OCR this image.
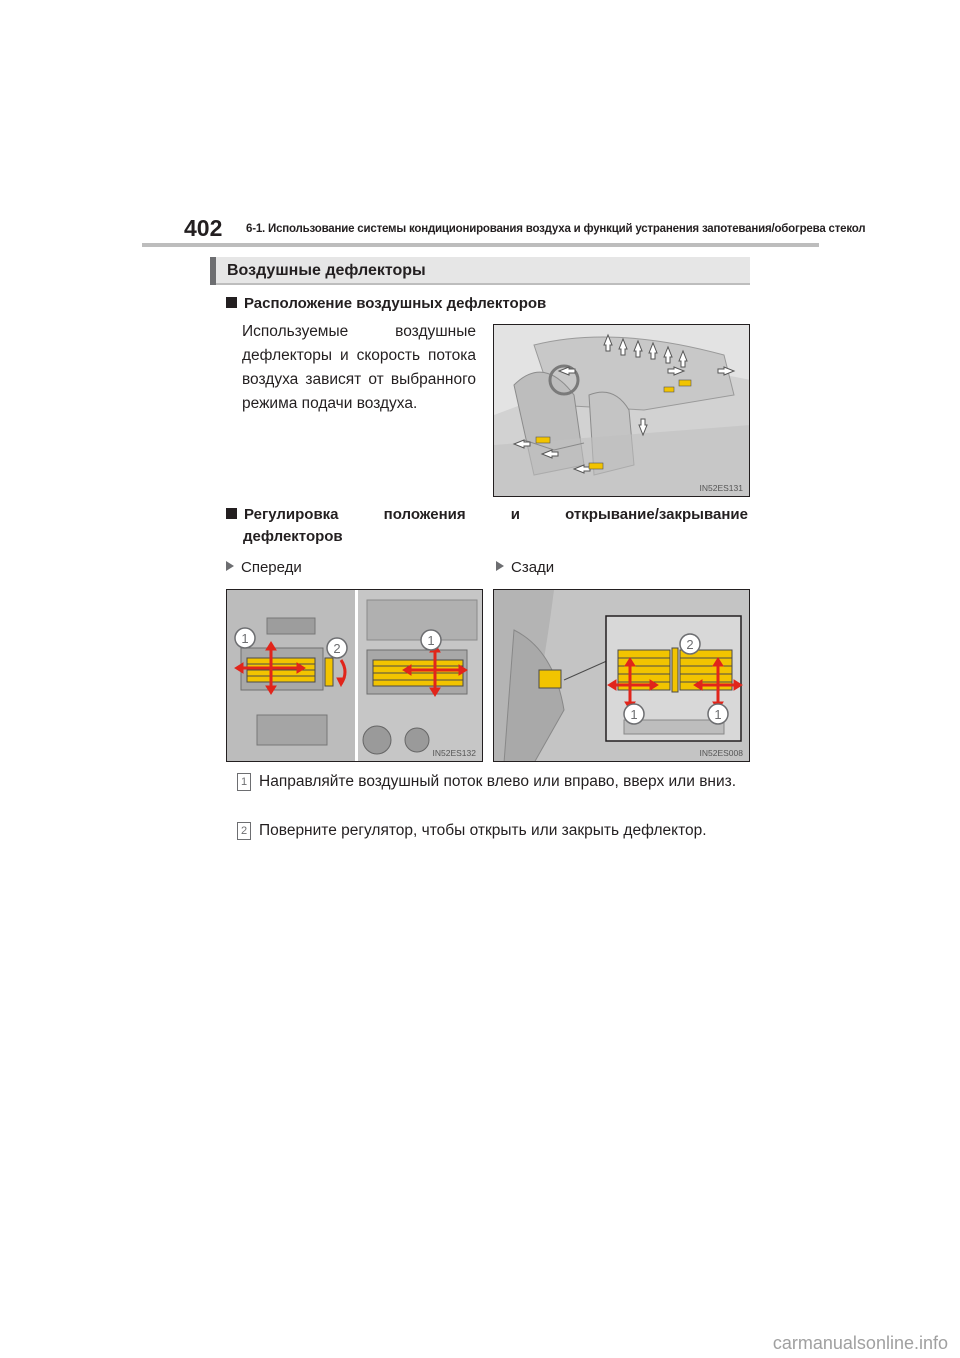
402 6-1. Использование системы кондиционирования воздуха и функций устранения запотевания/обогрева стекол
Воздушные дефлекторы
Расположение воздушных дефлекторов
Используемые воздушные дефлекторы и скорость потока воздуха зависят от выбранного режима подачи воздуха.
IN52ES131
Регулировка	положения	и	открывание/закрывание
дефлекторов
Спереди	Сзади
1
2
1
IN52ES132
2
1	1
IN52ES008
1 Направляйте воздушный поток влево или вправо, вверх или вниз.
2 Поверните регулятор, чтобы открыть или закрыть дефлектор.
carmanualsonline.info
